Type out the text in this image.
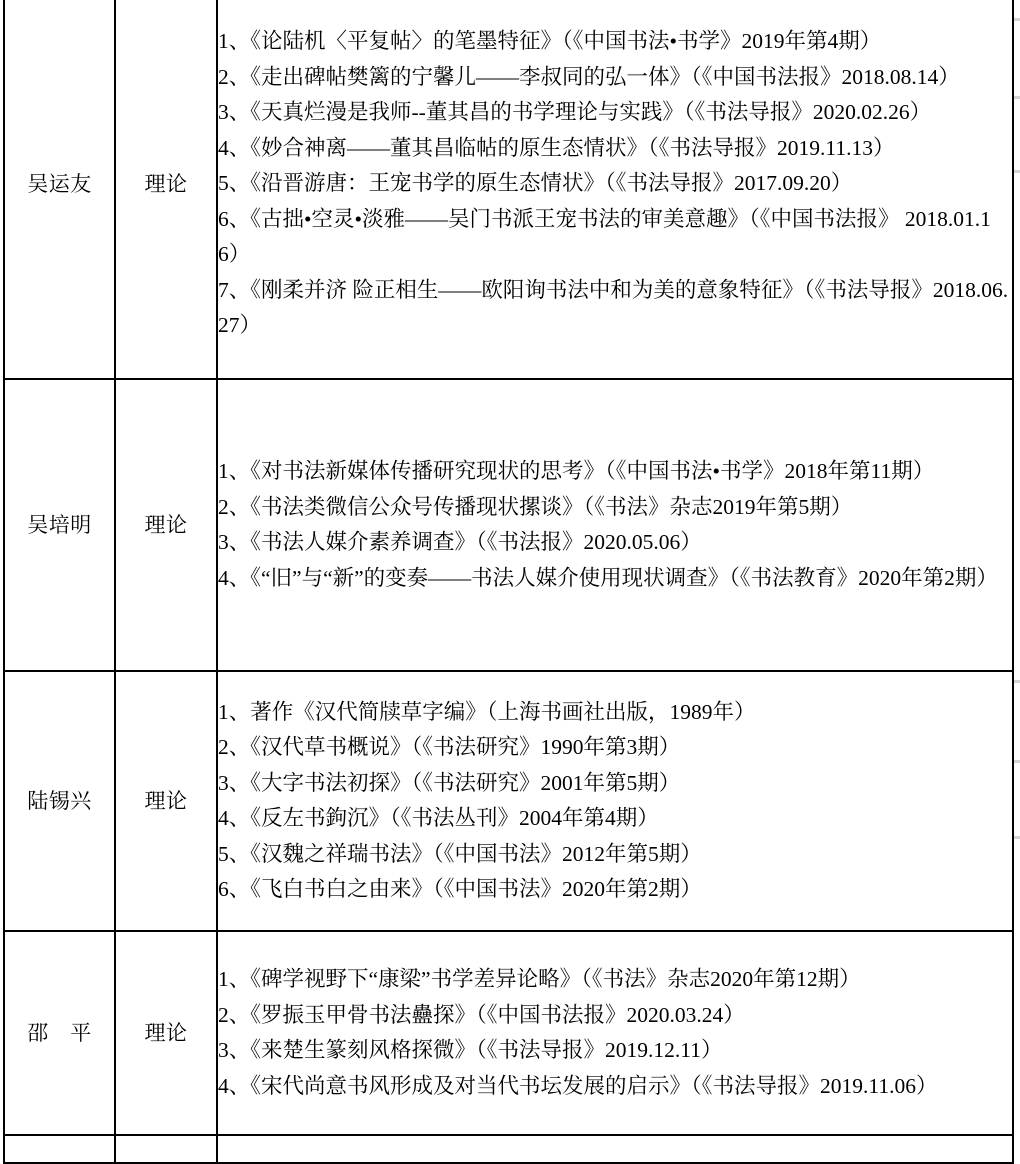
吴运友	理论	
1、《论陆机〈平复帖〉的笔墨特征》（《中国书法•书学》2019年第4期）
2、《走出碑帖樊篱的宁馨儿——李叔同的弘一体》（《中国书法报》2018.08.14）
3、《天真烂漫是我师--董其昌的书学理论与实践》（《书法导报》2020.02.26）
4、《妙合神离——董其昌临帖的原生态情状》（《书法导报》2019.11.13）
5、《沿晋游唐：王宠书学的原生态情状》（《书法导报》2017.09.20）
6、《古拙•空灵•淡雅——吴门书派王宠书法的审美意趣》（《中国书法报》 2018.01.16）
7、《刚柔并济 险正相生——欧阳询书法中和为美的意象特征》（《书法导报》2018.06.27）

吴培明	理论	1、《对书法新媒体传播研究现状的思考》（《中国书法•书学》2018年第11期）
2、《书法类微信公众号传播现状摞谈》（《书法》杂志2019年第5期）
3、《书法人媒介素养调查》（《书法报》2020.05.06）
4、《“旧”与“新”的变奏——书法人媒介使用现状调查》（《书法教育》2020年第2期）

陆锡兴	理论	
1、著作《汉代简牍草字编》（上海书画社出版，1989年）
2、《汉代草书概说》（《书法研究》1990年第3期）
3、《大字书法初探》（《书法研究》2001年第5期）
4、《反左书鉤沉》（《书法丛刊》2004年第4期）
5、《汉魏之祥瑞书法》（《中国书法》2012年第5期）
6、《飞白书白之由来》（《中国书法》2020年第2期）

邵　平	理论	1、《碑学视野下“康梁”书学差异论略》（《书法》杂志2020年第12期）
2、《罗振玉甲骨书法蠱探》（《中国书法报》2020.03.24）
3、《来楚生篆刻风格探微》（《书法导报》2019.12.11）
4、《宋代尚意书风形成及对当代书坛发展的启示》（《书法导报》2019.11.06）
